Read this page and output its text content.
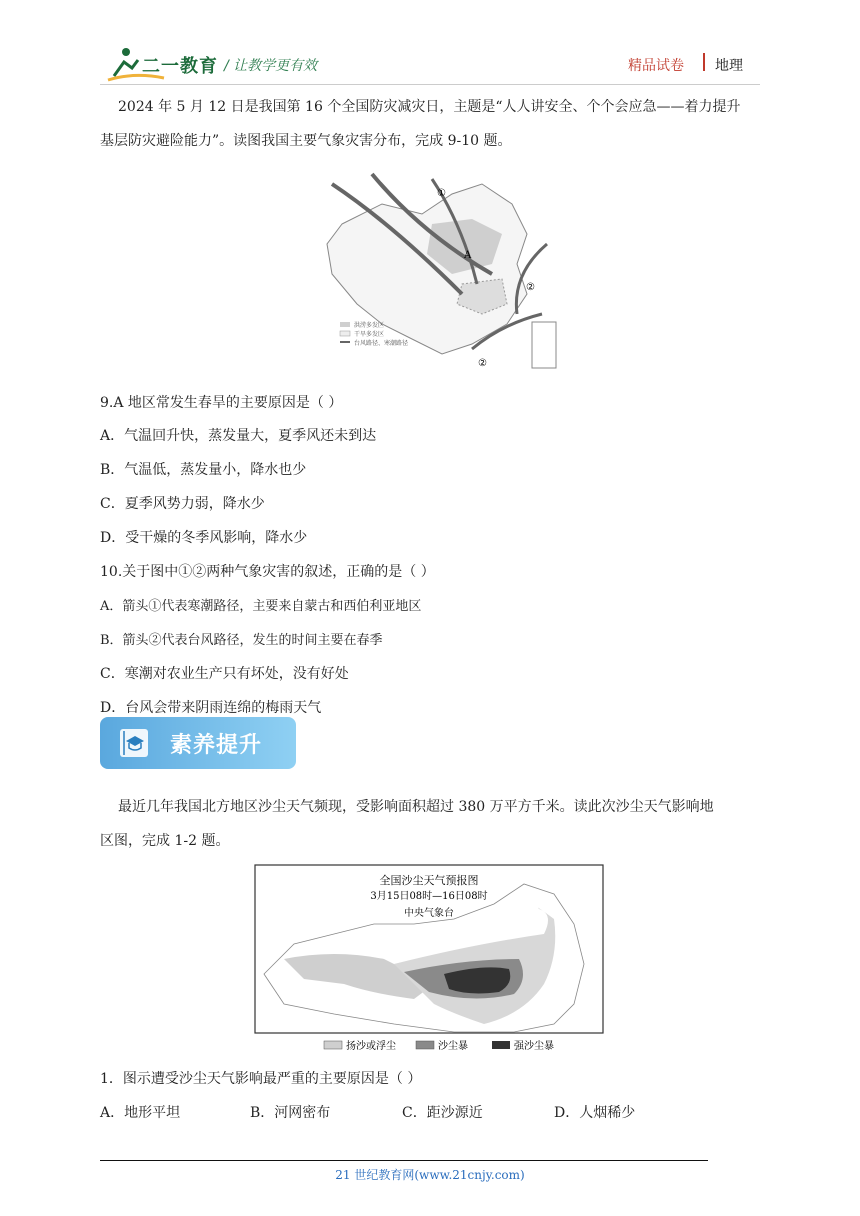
二一教育 / 让教学更有效	精品试卷 地理
2024 年 5 月 12 日是我国第 16 个全国防灾减灾日，主题是“人人讲安全、个个会应急——着力提升
基层防灾避险能力”。读图我国主要气象灾害分布，完成 9-10 题。
①
A
②
②
洪涝多发区
干旱多发区
台风路径、寒潮路径
9.A 地区常发生春旱的主要原因是（ ）
A．气温回升快，蒸发量大，夏季风还未到达
B．气温低，蒸发量小，降水也少
C．夏季风势力弱，降水少
D．受干燥的冬季风影响，降水少
10.关于图中①②两种气象灾害的叙述，正确的是（ ）
A．箭头①代表寒潮路径，主要来自蒙古和西伯利亚地区
B．箭头②代表台风路径，发生的时间主要在春季
C．寒潮对农业生产只有坏处，没有好处
D．台风会带来阴雨连绵的梅雨天气
素养提升
最近几年我国北方地区沙尘天气频现，受影响面积超过 380 万平方千米。读此次沙尘天气影响地
区图，完成 1-2 题。
全国沙尘天气预报图
3月15日08时—16日08时
中央气象台
扬沙或浮尘	沙尘暴	强沙尘暴
1．图示遭受沙尘天气影响最严重的主要原因是（ ）
A．地形平坦	B．河网密布	C．距沙源近	D．人烟稀少
21 世纪教育网(www.21cnjy.com)
